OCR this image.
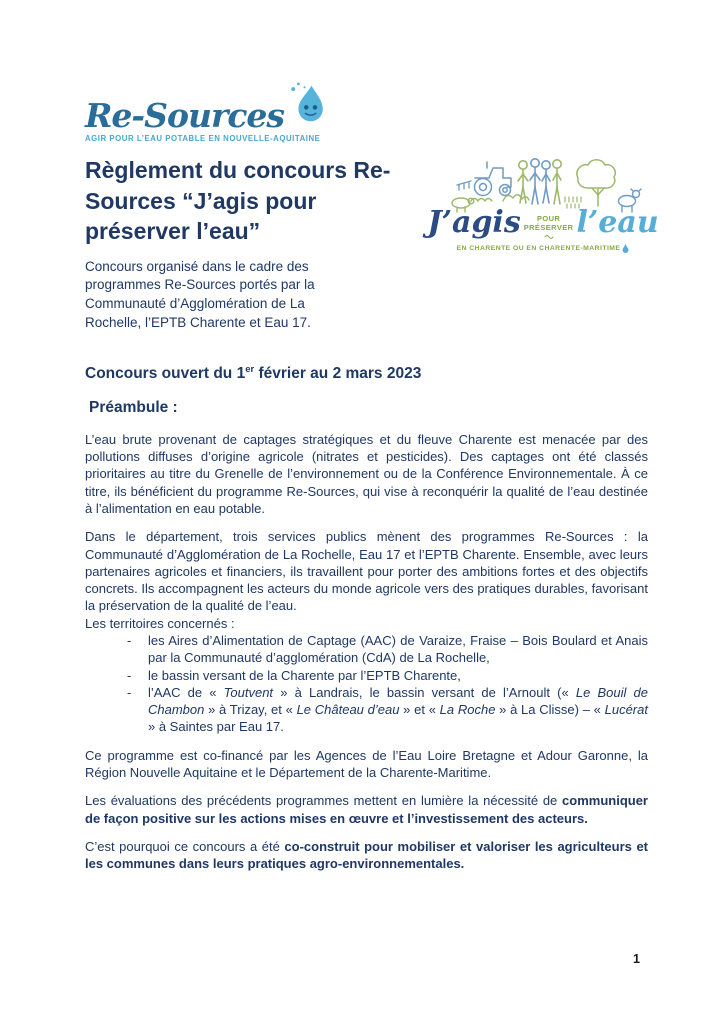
Re-Sources
AGIR POUR L’EAU POTABLE EN NOUVELLE-AQUITAINE
Règlement du concours Re-
Sources “J’agis pour
préserver l’eau”

Concours organisé dans le cadre des programmes Re-Sources portés par la Communauté d’Agglomération de La Rochelle, l’EPTB Charente et Eau 17.

J’agis POUR
PRÉSERVER l’eau
EN CHARENTE OU EN CHARENTE-MARITIME
Concours ouvert du 1er février au 2 mars 2023
Préambule :

L’eau brute provenant de captages stratégiques et du fleuve Charente est menacée par des pollutions diffuses d’origine agricole (nitrates et pesticides). Des captages ont été classés prioritaires au titre du Grenelle de l’environnement ou de la Conférence Environnementale. À ce titre, ils bénéficient du programme Re-Sources, qui vise à reconquérir la qualité de l’eau destinée à l’alimentation en eau potable.

Dans le département, trois services publics mènent des programmes Re-Sources : la Communauté d’Agglomération de La Rochelle, Eau 17 et l’EPTB Charente. Ensemble, avec leurs partenaires agricoles et financiers, ils travaillent pour porter des ambitions fortes et des objectifs concrets. Ils accompagnent les acteurs du monde agricole vers des pratiques durables, favorisant la préservation de la qualité de l’eau.

Les territoires concernés :
-	les Aires d’Alimentation de Captage (AAC) de Varaize, Fraise – Bois Boulard et Anais par la Communauté d’agglomération (CdA) de La Rochelle,
-	le bassin versant de la Charente par l’EPTB Charente,
-	l’AAC de « Toutvent » à Landrais, le bassin versant de l’Arnoult (« Le Bouil de Chambon » à Trizay, et « Le Château d’eau » et « La Roche » à La Clisse) – « Lucérat » à Saintes par Eau 17.

Ce programme est co-financé par les Agences de l’Eau Loire Bretagne et Adour Garonne, la Région Nouvelle Aquitaine et le Département de la Charente-Maritime.

Les évaluations des précédents programmes mettent en lumière la nécessité de communiquer de façon positive sur les actions mises en œuvre et l’investissement des acteurs.

C’est pourquoi ce concours a été co-construit pour mobiliser et valoriser les agriculteurs et les communes dans leurs pratiques agro-environnementales.

1
